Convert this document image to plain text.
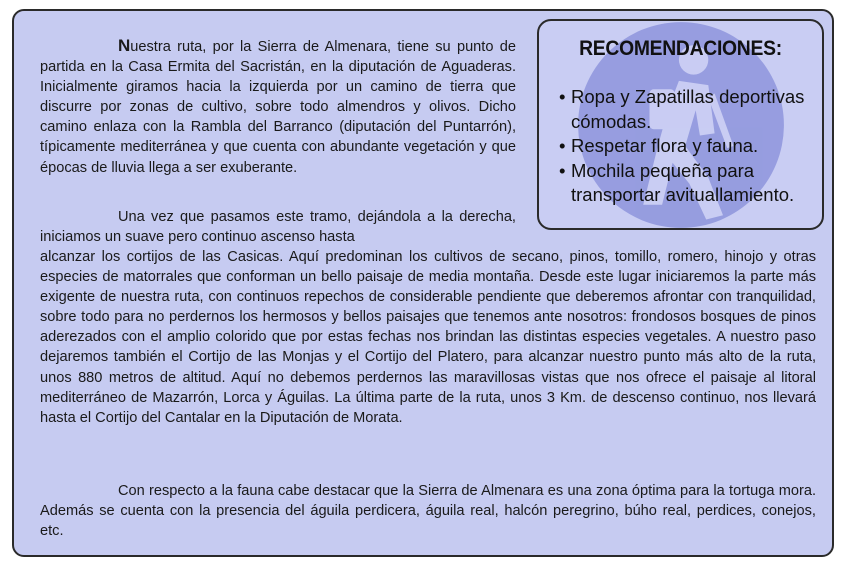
RECOMENDACIONES:
• Ropa y Zapatillas deportivas cómodas.
• Respetar flora y fauna.
• Mochila pequeña para transportar avituallamiento.

Nuestra ruta, por la Sierra de Almenara, tiene su punto de partida en la Casa Ermita del Sacristán, en la diputación de Aguaderas. Inicialmente giramos hacia la izquierda por un camino de tierra que discurre por zonas de cultivo, sobre todo almendros y olivos. Dicho camino enlaza con la Rambla del Barranco (diputación del Puntarrón), típicamente mediterránea y que cuenta con abundante vegetación y que épocas de lluvia llega a ser exuberante.

Una vez que pasamos este tramo, dejándola a la derecha, iniciamos un suave pero continuo ascenso hasta

alcanzar los cortijos de las Casicas. Aquí predominan los cultivos de secano, pinos, tomillo, romero, hinojo y otras especies de matorrales que conforman un bello paisaje de media montaña. Desde este lugar iniciaremos la parte más exigente de nuestra ruta, con continuos repechos de considerable pendiente que deberemos afrontar con tranquilidad, sobre todo para no perdernos los hermosos y bellos paisajes que tenemos ante nosotros: frondosos bosques de pinos aderezados con el amplio colorido que por estas fechas nos brindan las distintas especies vegetales. A nuestro paso dejaremos también el Cortijo de las Monjas y el Cortijo del Platero, para alcanzar nuestro punto más alto de la ruta, unos 880 metros de altitud. Aquí no debemos perdernos las maravillosas vistas que nos ofrece el paisaje al litoral mediterráneo de Mazarrón, Lorca y Águilas. La última parte de la ruta, unos 3 Km. de descenso continuo, nos llevará hasta el Cortijo del Cantalar en la Diputación de Morata.

Con respecto a la fauna cabe destacar que la Sierra de Almenara es una zona óptima para la tortuga mora. Además se cuenta con la presencia del águila perdicera, águila real, halcón peregrino, búho real, perdices, conejos, etc.
